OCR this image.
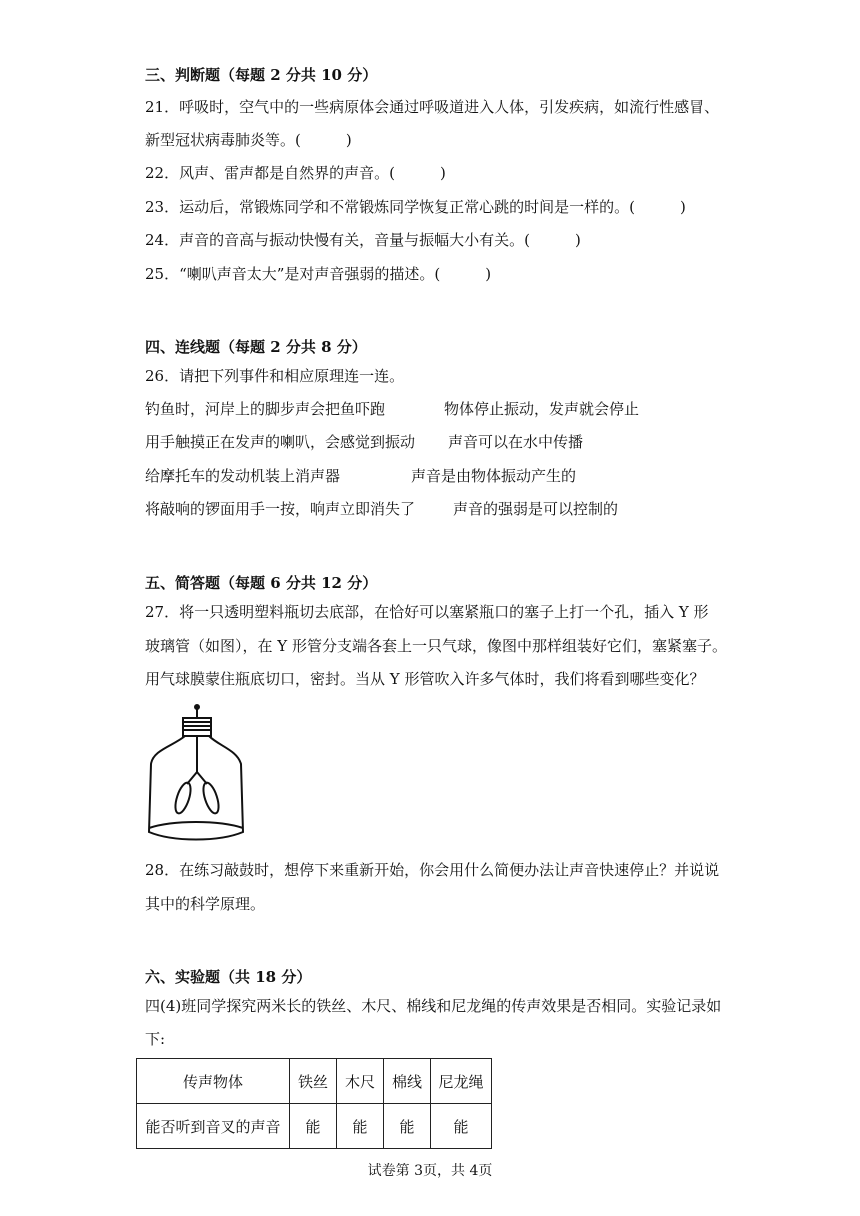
三、判断题（每题 2 分共 10 分）
21．呼吸时，空气中的一些病原体会通过呼吸道进入人体，引发疾病，如流行性感冒、
新型冠状病毒肺炎等。(　　　)
22．风声、雷声都是自然界的声音。(　　　)
23．运动后，常锻炼同学和不常锻炼同学恢复正常心跳的时间是一样的。(　　　)
24．声音的音高与振动快慢有关，音量与振幅大小有关。(　　　)
25．“喇叭声音太大”是对声音强弱的描述。(　　　)
四、连线题（每题 2 分共 8 分）
26．请把下列事件和相应原理连一连。
钓鱼时，河岸上的脚步声会把鱼吓跑	物体停止振动，发声就会停止
用手触摸正在发声的喇叭，会感觉到振动 声音可以在水中传播
给摩托车的发动机装上消声器	声音是由物体振动产生的
将敲响的锣面用手一按，响声立即消失了	声音的强弱是可以控制的
五、简答题（每题 6 分共 12 分）
27．将一只透明塑料瓶切去底部，在恰好可以塞紧瓶口的塞子上打一个孔，插入 Y 形
玻璃管（如图），在 Y 形管分支端各套上一只气球，像图中那样组装好它们，塞紧塞子。
用气球膜蒙住瓶底切口，密封。当从 Y 形管吹入许多气体时，我们将看到哪些变化？
28．在练习敲鼓时，想停下来重新开始，你会用什么简便办法让声音快速停止？并说说
其中的科学原理。
六、实验题（共 18 分）
四(4)班同学探究两米长的铁丝、木尺、棉线和尼龙绳的传声效果是否相同。实验记录如
下:
传声物体	铁丝	木尺	棉线	尼龙绳
能否听到音叉的声音	能	能	能	能
试卷第 3页，共 4页
